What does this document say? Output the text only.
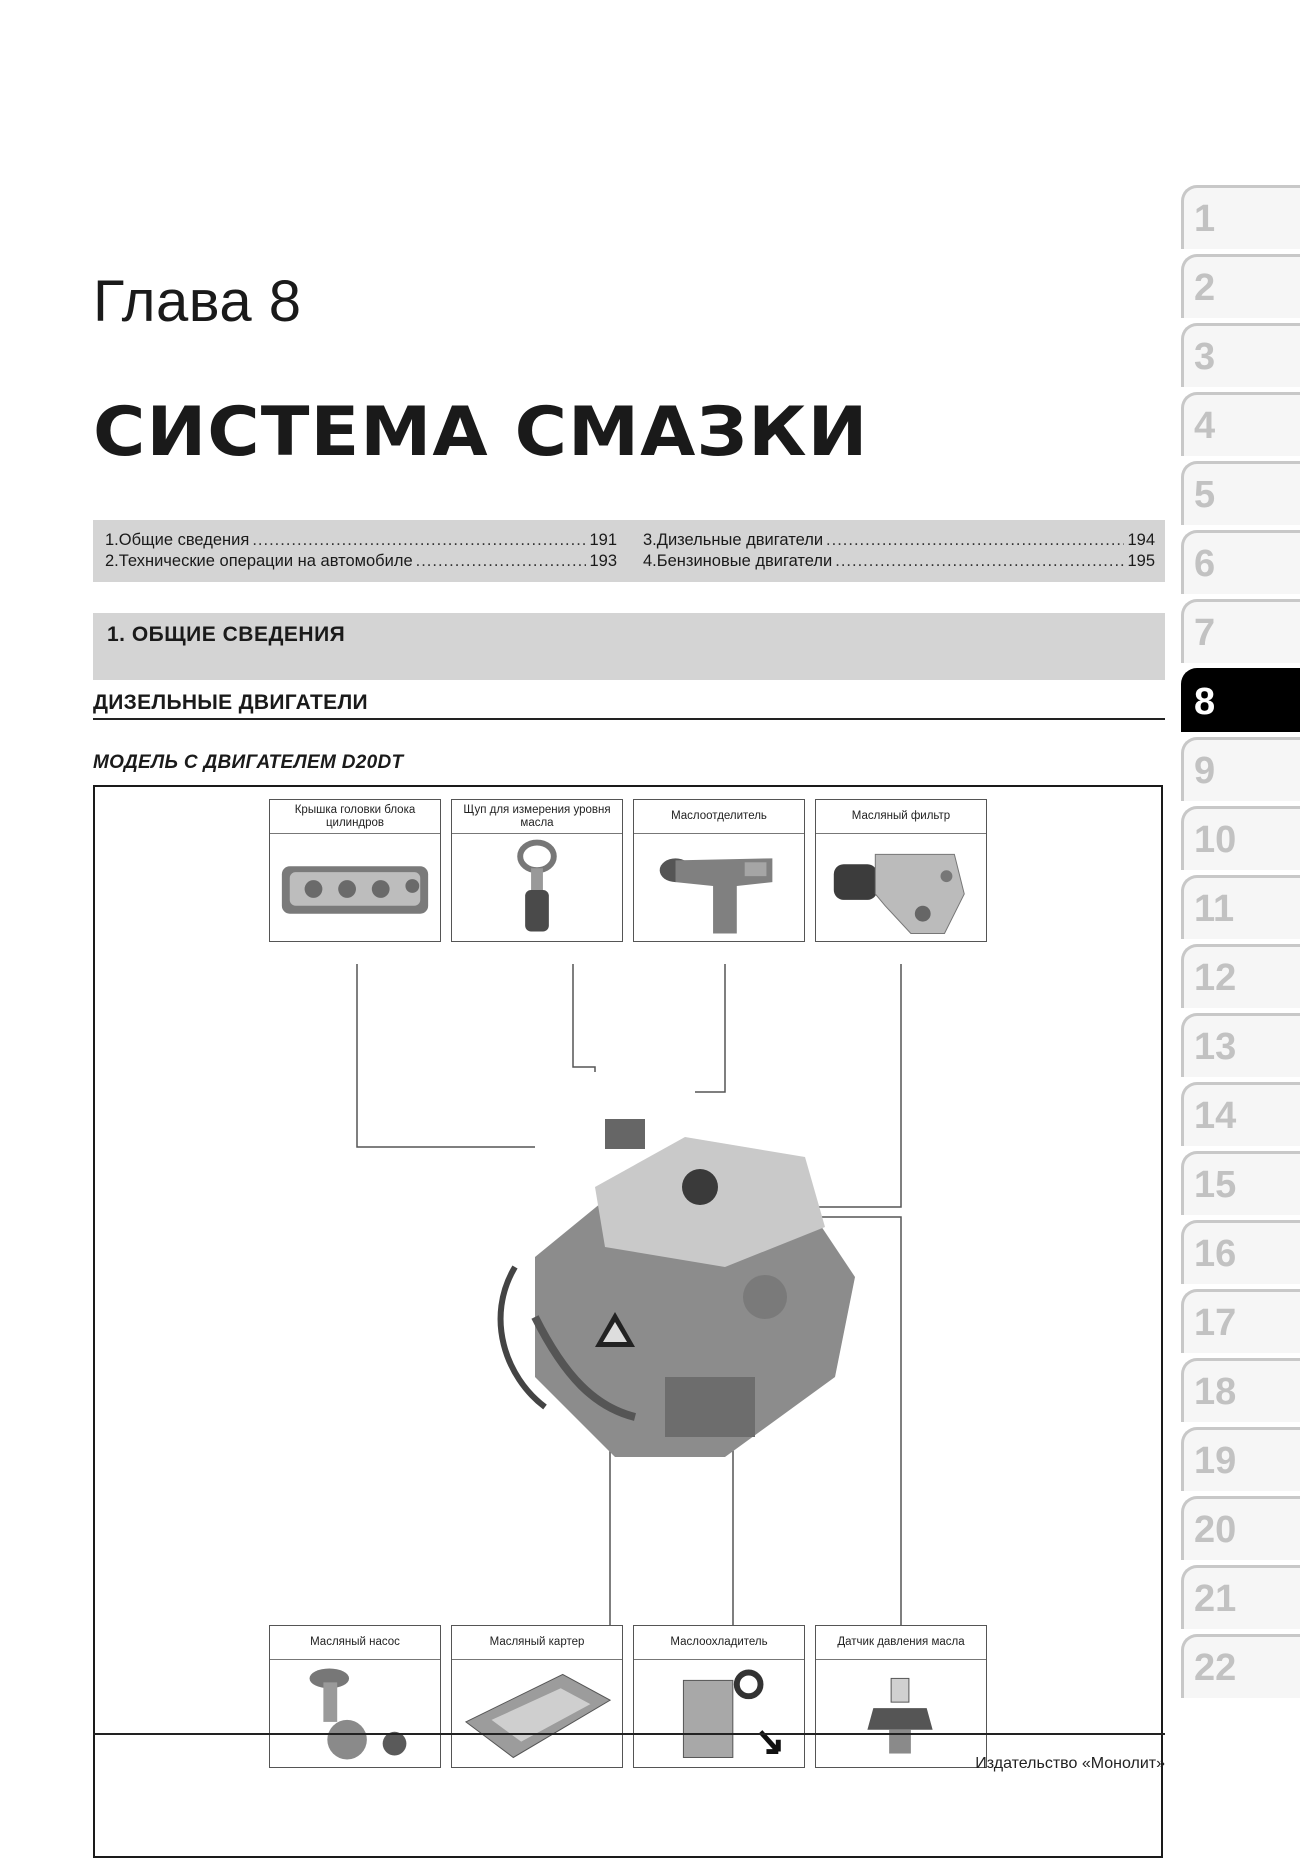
Глава 8
СИСТЕМА СМАЗКИ
1. Общие сведения .....	191
2. Технические операции на автомобиле .....	193
3. Дизельные двигатели .....	194
4. Бензиновые двигатели .....	195
1. ОБЩИЕ СВЕДЕНИЯ
ДИЗЕЛЬНЫЕ ДВИГАТЕЛИ
МОДЕЛЬ С ДВИГАТЕЛЕМ D20DT
Крышка головки блока цилиндров
Щуп для измерения уровня масла
Маслоотделитель	Масляный фильтр
Масляный насос	Масляный картер	Маслоохладитель	Датчик давления масла
1
2
3
4
5
6
7
8
9
10
11
12
13
14
15
16
17
18
19
20
21
22
Издательство «Монолит»
